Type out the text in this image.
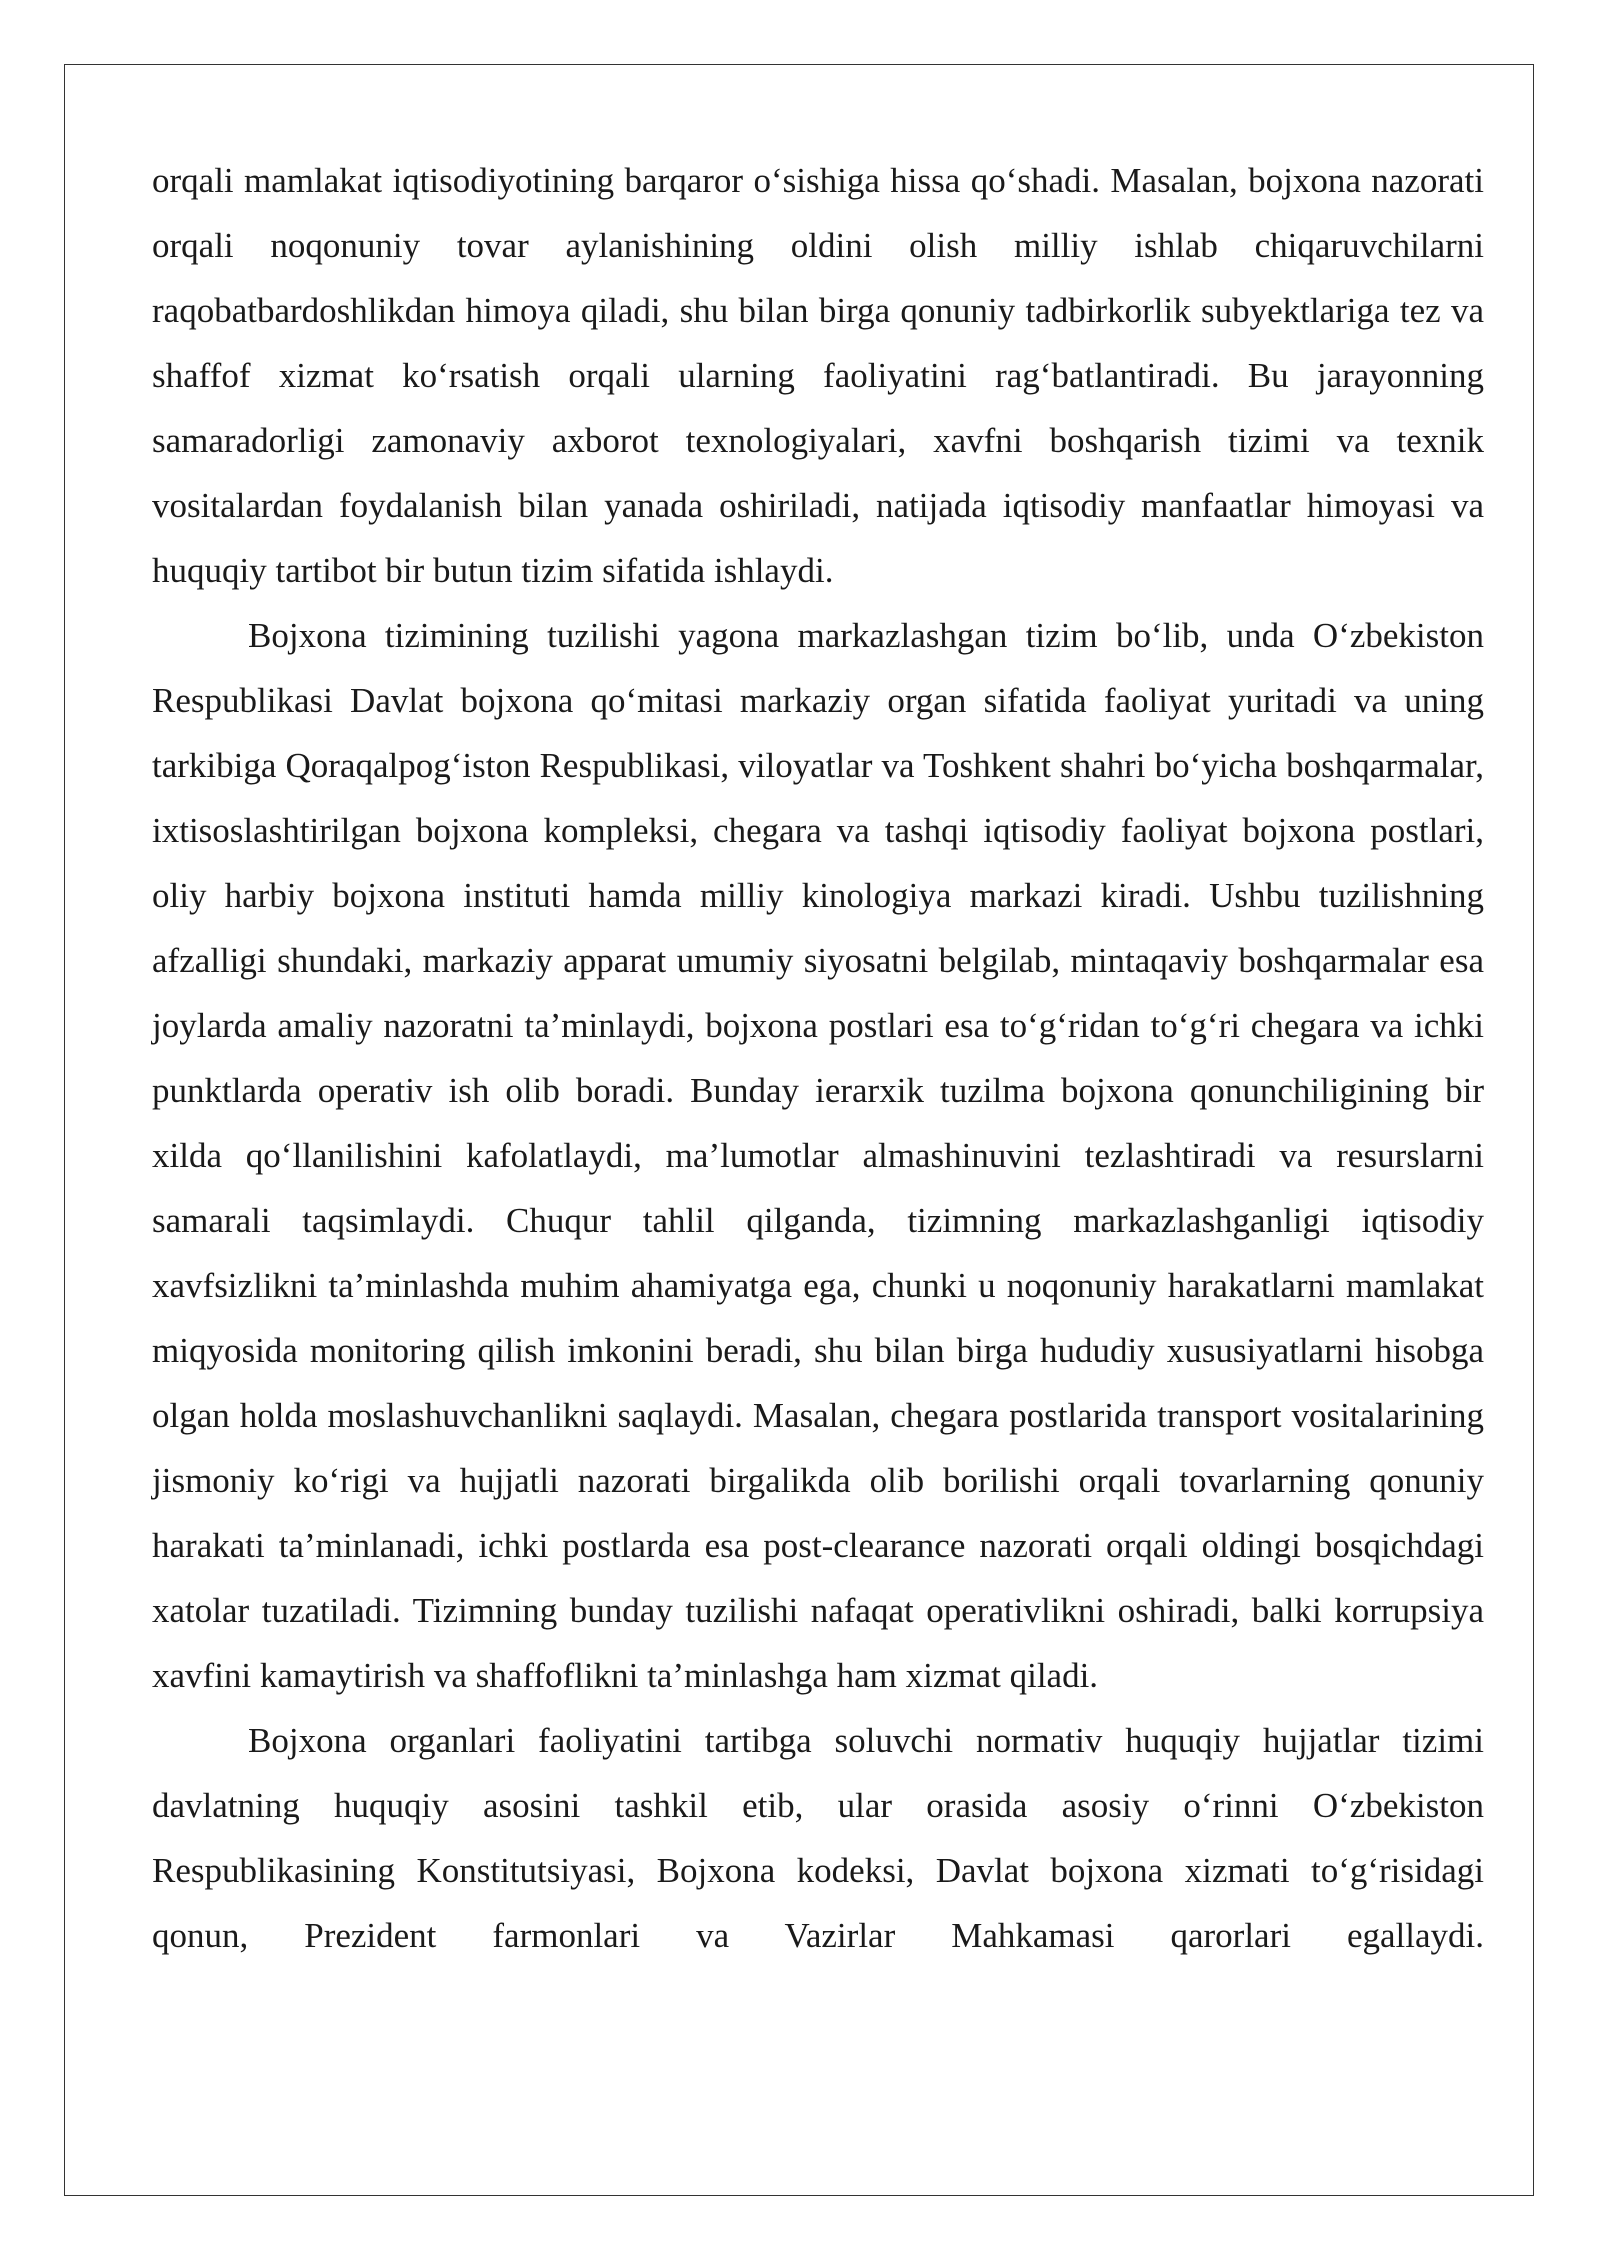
orqali mamlakat iqtisodiyotining barqaror o‘sishiga hissa qo‘shadi. Masalan, bojxona nazorati orqali noqonuniy tovar aylanishining oldini olish milliy ishlab chiqaruvchilarni raqobatbardoshlikdan himoya qiladi, shu bilan birga qonuniy tadbirkorlik subyektlariga tez va shaffof xizmat ko‘rsatish orqali ularning faoliyatini rag‘batlantiradi. Bu jarayonning samaradorligi zamonaviy axborot texnologiyalari, xavfni boshqarish tizimi va texnik vositalardan foydalanish bilan yanada oshiriladi, natijada iqtisodiy manfaatlar himoyasi va huquqiy tartibot bir butun tizim sifatida ishlaydi.

Bojxona tizimining tuzilishi yagona markazlashgan tizim bo‘lib, unda O‘zbekiston Respublikasi Davlat bojxona qo‘mitasi markaziy organ sifatida faoliyat yuritadi va uning tarkibiga Qoraqalpog‘iston Respublikasi, viloyatlar va Toshkent shahri bo‘yicha boshqarmalar, ixtisoslashtirilgan bojxona kompleksi, chegara va tashqi iqtisodiy faoliyat bojxona postlari, oliy harbiy bojxona instituti hamda milliy kinologiya markazi kiradi. Ushbu tuzilishning afzalligi shundaki, markaziy apparat umumiy siyosatni belgilab, mintaqaviy boshqarmalar esa joylarda amaliy nazoratni ta’minlaydi, bojxona postlari esa to‘g‘ridan to‘g‘ri chegara va ichki punktlarda operativ ish olib boradi. Bunday ierarxik tuzilma bojxona qonunchiligining bir xilda qo‘llanilishini kafolatlaydi, ma’lumotlar almashinuvini tezlashtiradi va resurslarni samarali taqsimlaydi. Chuqur tahlil qilganda, tizimning markazlashganligi iqtisodiy xavfsizlikni ta’minlashda muhim ahamiyatga ega, chunki u noqonuniy harakatlarni mamlakat miqyosida monitoring qilish imkonini beradi, shu bilan birga hududiy xususiyatlarni hisobga olgan holda moslashuvchanlikni saqlaydi. Masalan, chegara postlarida transport vositalarining jismoniy ko‘rigi va hujjatli nazorati birgalikda olib borilishi orqali tovarlarning qonuniy harakati ta’minlanadi, ichki postlarda esa post-clearance nazorati orqali oldingi bosqichdagi xatolar tuzatiladi. Tizimning bunday tuzilishi nafaqat operativlikni oshiradi, balki korrupsiya xavfini kamaytirish va shaffoflikni ta’minlashga ham xizmat qiladi.

Bojxona organlari faoliyatini tartibga soluvchi normativ huquqiy hujjatlar tizimi davlatning huquqiy asosini tashkil etib, ular orasida asosiy o‘rinni O‘zbekiston Respublikasining Konstitutsiyasi, Bojxona kodeksi, Davlat bojxona xizmati to‘g‘risidagi qonun, Prezident farmonlari va Vazirlar Mahkamasi qarorlari egallaydi.
